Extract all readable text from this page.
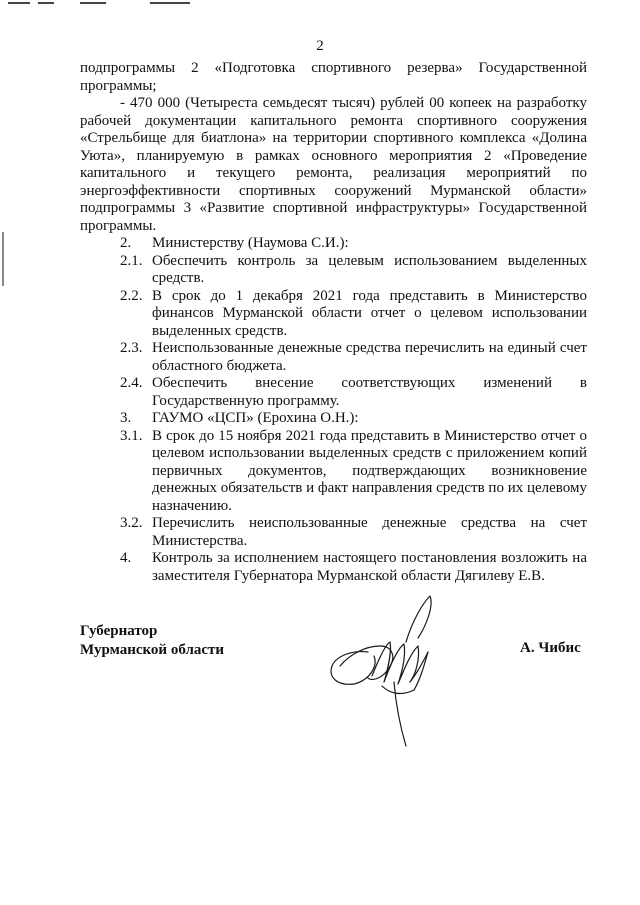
2

подпрограммы 2 «Подготовка спортивного резерва» Государственной программы;

- 470 000 (Четыреста семьдесят тысяч) рублей 00 копеек на разработку рабочей документации капитального ремонта спортивного сооружения «Стрельбище для биатлона» на территории спортивного комплекса «Долина Уюта», планируемую в рамках основного мероприятия 2 «Проведение капитального и текущего ремонта, реализация мероприятий по энергоэффективности спортивных сооружений Мурманской области» подпрограммы 3 «Развитие спортивной инфраструктуры» Государственной программы.

2.	Министерству (Наумова С.И.):
2.1. Обеспечить контроль за целевым использованием выделенных средств.
2.2. В срок до 1 декабря 2021 года представить в Министерство финансов Мурманской области отчет о целевом использовании выделенных средств.
2.3. Неиспользованные денежные средства перечислить на единый счет областного бюджета.
2.4. Обеспечить внесение соответствующих изменений в Государственную программу.
3.	ГАУМО «ЦСП» (Ерохина О.Н.):
3.1. В срок до 15 ноября 2021 года представить в Министерство отчет о целевом использовании выделенных средств с приложением копий первичных документов, подтверждающих возникновение денежных обязательств и факт направления средств по их целевому назначению.
3.2. Перечислить неиспользованные денежные средства на счет Министерства.
4.	Контроль за исполнением настоящего постановления возложить на заместителя Губернатора Мурманской области Дягилеву Е.В.
Губернатор
Мурманской области	А. Чибис
